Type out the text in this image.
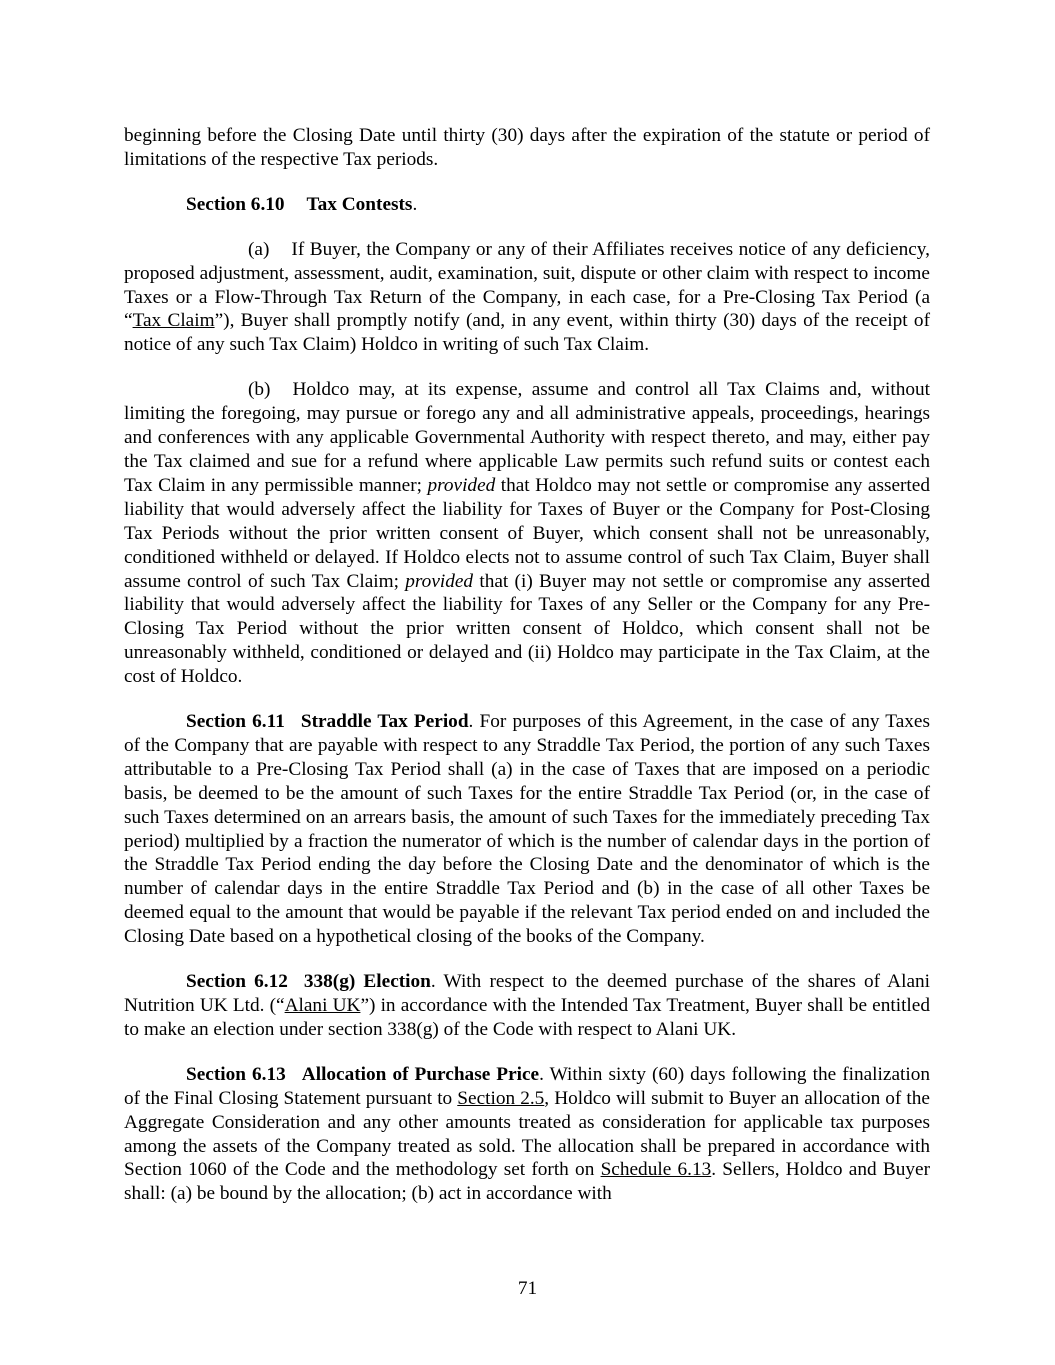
beginning before the Closing Date until thirty (30) days after the expiration of the statute or period of limitations of the respective Tax periods.

Section 6.10 Tax Contests.

(a) If Buyer, the Company or any of their Affiliates receives notice of any deficiency, proposed adjustment, assessment, audit, examination, suit, dispute or other claim with respect to income Taxes or a Flow-Through Tax Return of the Company, in each case, for a Pre-Closing Tax Period (a “Tax Claim”), Buyer shall promptly notify (and, in any event, within thirty (30) days of the receipt of notice of any such Tax Claim) Holdco in writing of such Tax Claim.

(b) Holdco may, at its expense, assume and control all Tax Claims and, without limiting the foregoing, may pursue or forego any and all administrative appeals, proceedings, hearings and conferences with any applicable Governmental Authority with respect thereto, and may, either pay the Tax claimed and sue for a refund where applicable Law permits such refund suits or contest each Tax Claim in any permissible manner; provided that Holdco may not settle or compromise any asserted liability that would adversely affect the liability for Taxes of Buyer or the Company for Post-Closing Tax Periods without the prior written consent of Buyer, which consent shall not be unreasonably, conditioned withheld or delayed. If Holdco elects not to assume control of such Tax Claim, Buyer shall assume control of such Tax Claim; provided that (i) Buyer may not settle or compromise any asserted liability that would adversely affect the liability for Taxes of any Seller or the Company for any Pre-Closing Tax Period without the prior written consent of Holdco, which consent shall not be unreasonably withheld, conditioned or delayed and (ii) Holdco may participate in the Tax Claim, at the cost of Holdco.

Section 6.11 Straddle Tax Period. For purposes of this Agreement, in the case of any Taxes of the Company that are payable with respect to any Straddle Tax Period, the portion of any such Taxes attributable to a Pre-Closing Tax Period shall (a) in the case of Taxes that are imposed on a periodic basis, be deemed to be the amount of such Taxes for the entire Straddle Tax Period (or, in the case of such Taxes determined on an arrears basis, the amount of such Taxes for the immediately preceding Tax period) multiplied by a fraction the numerator of which is the number of calendar days in the portion of the Straddle Tax Period ending the day before the Closing Date and the denominator of which is the number of calendar days in the entire Straddle Tax Period and (b) in the case of all other Taxes be deemed equal to the amount that would be payable if the relevant Tax period ended on and included the Closing Date based on a hypothetical closing of the books of the Company.

Section 6.12 338(g) Election. With respect to the deemed purchase of the shares of Alani Nutrition UK Ltd. (“Alani UK”) in accordance with the Intended Tax Treatment, Buyer shall be entitled to make an election under section 338(g) of the Code with respect to Alani UK.

Section 6.13 Allocation of Purchase Price. Within sixty (60) days following the finalization of the Final Closing Statement pursuant to Section 2.5, Holdco will submit to Buyer an allocation of the Aggregate Consideration and any other amounts treated as consideration for applicable tax purposes among the assets of the Company treated as sold. The allocation shall be prepared in accordance with Section 1060 of the Code and the methodology set forth on Schedule 6.13. Sellers, Holdco and Buyer shall: (a) be bound by the allocation; (b) act in accordance with

71
